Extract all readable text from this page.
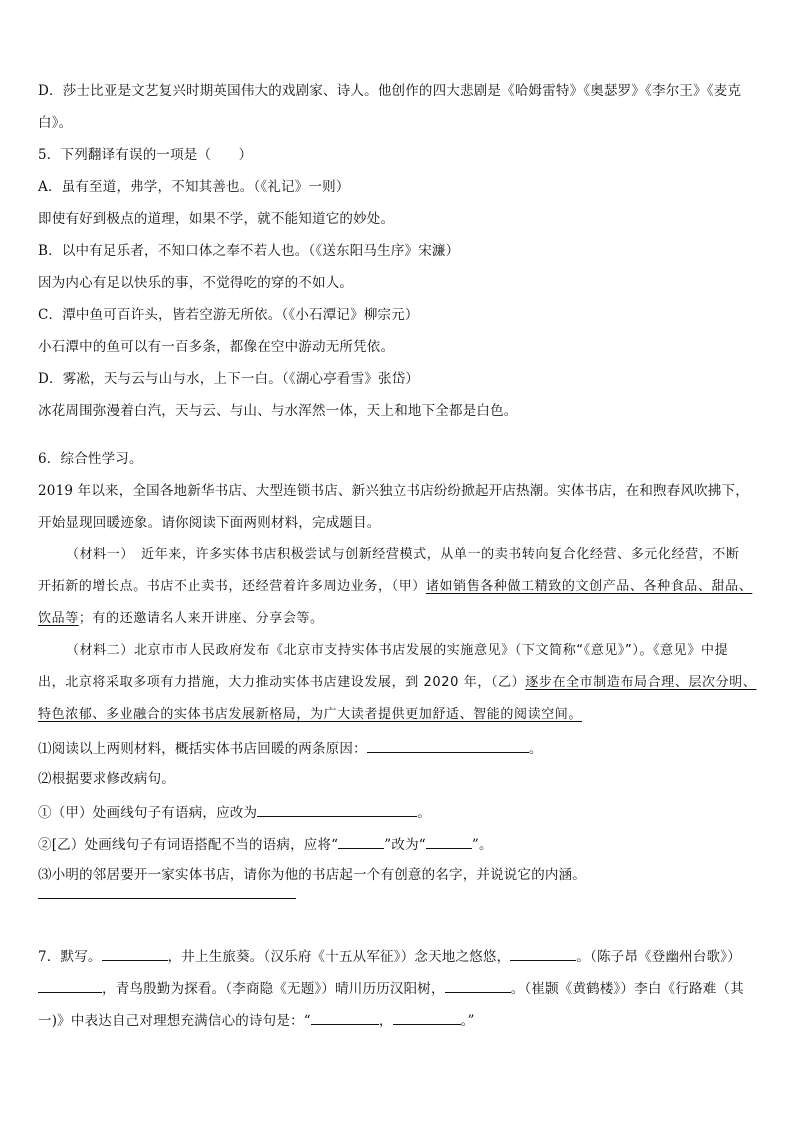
D．莎士比亚是文艺复兴时期英国伟大的戏剧家、诗人。他创作的四大悲剧是《哈姆雷特》《奥瑟罗》《李尔王》《麦克
白》。
5．下列翻译有误的一项是（　　）
A．虽有至道，弗学，不知其善也。（《礼记》一则）
即使有好到极点的道理，如果不学，就不能知道它的妙处。
B．以中有足乐者，不知口体之奉不若人也。（《送东阳马生序》宋濂）
因为内心有足以快乐的事，不觉得吃的穿的不如人。
C．潭中鱼可百许头，皆若空游无所依。（《小石潭记》柳宗元）
小石潭中的鱼可以有一百多条，都像在空中游动无所凭依。
D．雾凇，天与云与山与水，上下一白。（《湖心亭看雪》张岱）
冰花周围弥漫着白汽，天与云、与山、与水浑然一体，天上和地下全都是白色。
6．综合性学习。
2019 年以来，全国各地新华书店、大型连锁书店、新兴独立书店纷纷掀起开店热潮。实体书店，在和煦春风吹拂下，
开始显现回暖迹象。请你阅读下面两则材料，完成题目。
（材料一）　近年来，许多实体书店积极尝试与创新经营模式，从单一的卖书转向复合化经营、多元化经营，不断
开拓新的增长点。书店不止卖书，还经营着许多周边业务，（甲）诸如销售各种做工精致的文创产品、各种食品、甜品、
饮品等；有的还邀请名人来开讲座、分享会等。
（材料二）北京市市人民政府发布《北京市支持实体书店发展的实施意见》（下文简称“《意见》”）。《意见》中提
出，北京将采取多项有力措施，大力推动实体书店建设发展，到 2020 年，（乙）逐步在全市制造布局合理、层次分明、
特色浓郁、多业融合的实体书店发展新格局，为广大读者提供更加舒适、智能的阅读空间。
⑴阅读以上两则材料，概括实体书店回暖的两条原因：	。
⑵根据要求修改病句。
①（甲）处画线句子有语病，应改为	。
②[乙）处画线句子有词语搭配不当的语病，应将“	”改为“	”。
⑶小明的邻居要开一家实体书店，请你为他的书店起一个有创意的名字，并说说它的内涵。
7．默写。	，井上生旅葵。（汉乐府《十五从军征》）念天地之悠悠，	。（陈子昂《登幽州台歌》）
，青鸟殷勤为探看。（李商隐《无题》）晴川历历汉阳树，	。（崔颢《黄鹤楼》）李白《行路难（其
一)》中表达自己对理想充满信心的诗句是：“	，	。”
